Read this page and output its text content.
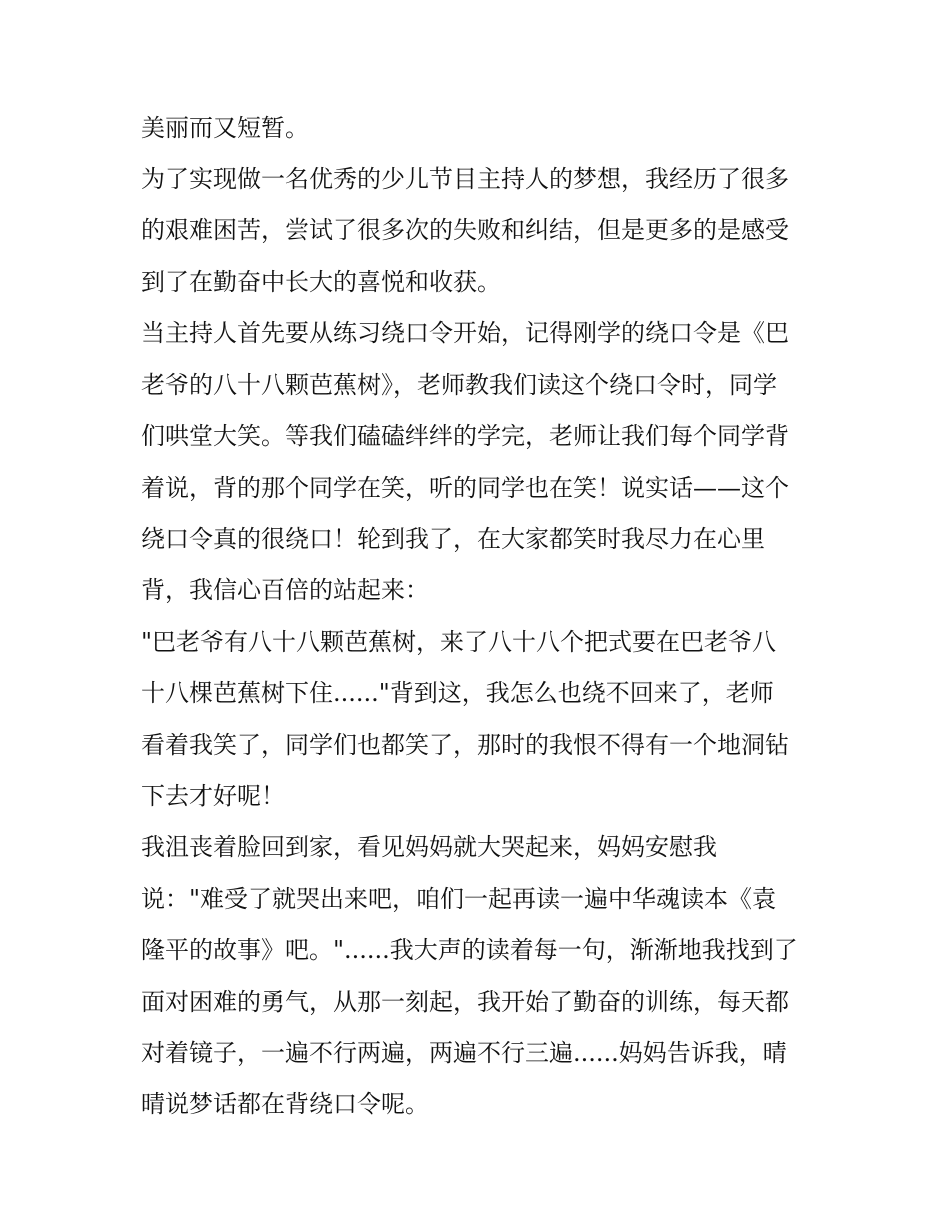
美丽而又短暂。
为了实现做一名优秀的少儿节目主持人的梦想，我经历了很多
的艰难困苦，尝试了很多次的失败和纠结，但是更多的是感受
到了在勤奋中长大的喜悦和收获。
当主持人首先要从练习绕口令开始，记得刚学的绕口令是《巴
老爷的八十八颗芭蕉树》，老师教我们读这个绕口令时，同学
们哄堂大笑。等我们磕磕绊绊的学完，老师让我们每个同学背
着说，背的那个同学在笑，听的同学也在笑！说实话——这个
绕口令真的很绕口！轮到我了，在大家都笑时我尽力在心里
背，我信心百倍的站起来：
"巴老爷有八十八颗芭蕉树，来了八十八个把式要在巴老爷八
十八棵芭蕉树下住......"背到这，我怎么也绕不回来了，老师
看着我笑了，同学们也都笑了，那时的我恨不得有一个地洞钻
下去才好呢！
我沮丧着脸回到家，看见妈妈就大哭起来，妈妈安慰我
说："难受了就哭出来吧，咱们一起再读一遍中华魂读本《袁
隆平的故事》吧。"......我大声的读着每一句，渐渐地我找到了
面对困难的勇气，从那一刻起，我开始了勤奋的训练，每天都
对着镜子，一遍不行两遍，两遍不行三遍......妈妈告诉我，晴
晴说梦话都在背绕口令呢。
